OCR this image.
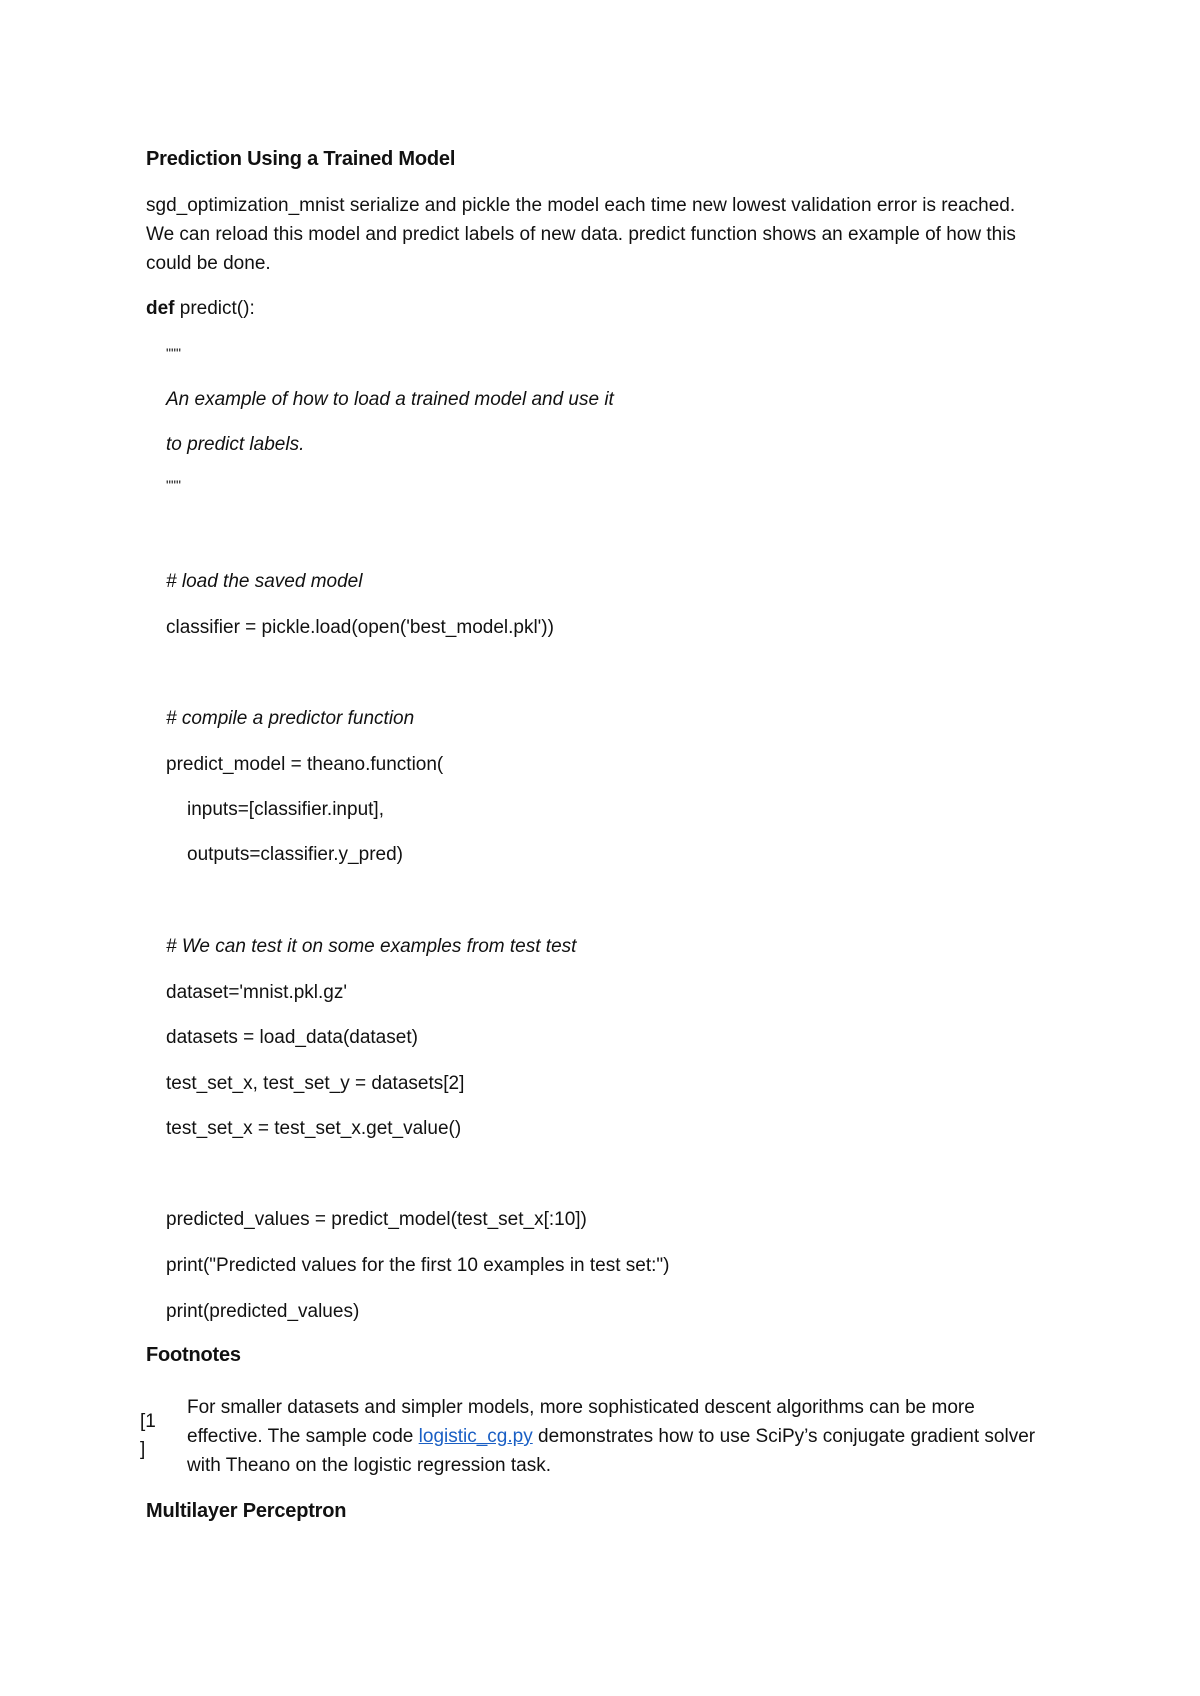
Prediction Using a Trained Model

sgd_optimization_mnist serialize and pickle the model each time new lowest validation error is reached. We can reload this model and predict labels of new data. predict function shows an example of how this could be done.

def predict():
"""
An example of how to load a trained model and use it
to predict labels.
"""
# load the saved model
classifier = pickle.load(open('best_model.pkl'))
# compile a predictor function
predict_model = theano.function(
inputs=[classifier.input],
outputs=classifier.y_pred)
# We can test it on some examples from test test
dataset='mnist.pkl.gz'
datasets = load_data(dataset)
test_set_x, test_set_y = datasets[2]
test_set_x = test_set_x.get_value()
predicted_values = predict_model(test_set_x[:10])
print("Predicted values for the first 10 examples in test set:")
print(predicted_values)
Footnotes
[1
]
For smaller datasets and simpler models, more sophisticated descent algorithms can be more effective. The sample code logistic_cg.py demonstrates how to use SciPy’s conjugate gradient solver with Theano on the logistic regression task.
Multilayer Perceptron
